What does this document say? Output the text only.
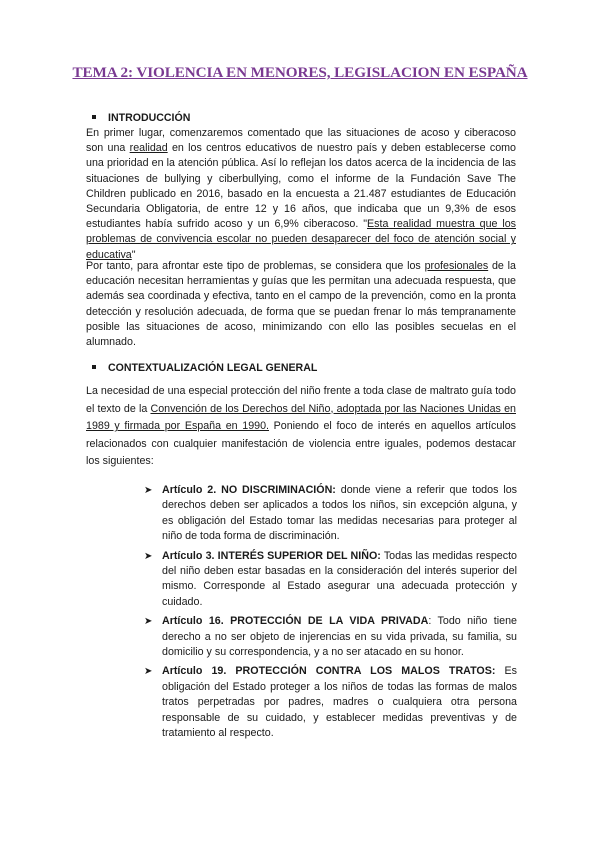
TEMA 2: VIOLENCIA EN MENORES, LEGISLACION EN ESPAÑA

INTRODUCCIÓN

En primer lugar, comenzaremos comentado que las situaciones de acoso y ciberacoso son una realidad en los centros educativos de nuestro país y deben establecerse como una prioridad en la atención pública. Así lo reflejan los datos acerca de la incidencia de las situaciones de bullying y ciberbullying, como el informe de la Fundación Save The Children publicado en 2016, basado en la encuesta a 21.487 estudiantes de Educación Secundaria Obligatoria, de entre 12 y 16 años, que indicaba que un 9,3% de esos estudiantes había sufrido acoso y un 6,9% ciberacoso. "Esta realidad muestra que los problemas de convivencia escolar no pueden desaparecer del foco de atención social y educativa"

Por tanto, para afrontar este tipo de problemas, se considera que los profesionales de la educación necesitan herramientas y guías que les permitan una adecuada respuesta, que además sea coordinada y efectiva, tanto en el campo de la prevención, como en la pronta detección y resolución adecuada, de forma que se puedan frenar lo más tempranamente posible las situaciones de acoso, minimizando con ello las posibles secuelas en el alumnado.

CONTEXTUALIZACIÓN LEGAL GENERAL

La necesidad de una especial protección del niño frente a toda clase de maltrato guía todo el texto de la Convención de los Derechos del Niño, adoptada por las Naciones Unidas en 1989 y firmada por España en 1990. Poniendo el foco de interés en aquellos artículos relacionados con cualquier manifestación de violencia entre iguales, podemos destacar los siguientes:

➤ Artículo 2. NO DISCRIMINACIÓN: donde viene a referir que todos los derechos deben ser aplicados a todos los niños, sin excepción alguna, y es obligación del Estado tomar las medidas necesarias para proteger al niño de toda forma de discriminación.
➤ Artículo 3. INTERÉS SUPERIOR DEL NIÑO: Todas las medidas respecto del niño deben estar basadas en la consideración del interés superior del mismo. Corresponde al Estado asegurar una adecuada protección y cuidado.
➤ Artículo 16. PROTECCIÓN DE LA VIDA PRIVADA: Todo niño tiene derecho a no ser objeto de injerencias en su vida privada, su familia, su domicilio y su correspondencia, y a no ser atacado en su honor.
➤ Artículo 19. PROTECCIÓN CONTRA LOS MALOS TRATOS: Es obligación del Estado proteger a los niños de todas las formas de malos tratos perpetradas por padres, madres o cualquiera otra persona responsable de su cuidado, y establecer medidas preventivas y de tratamiento al respecto.
